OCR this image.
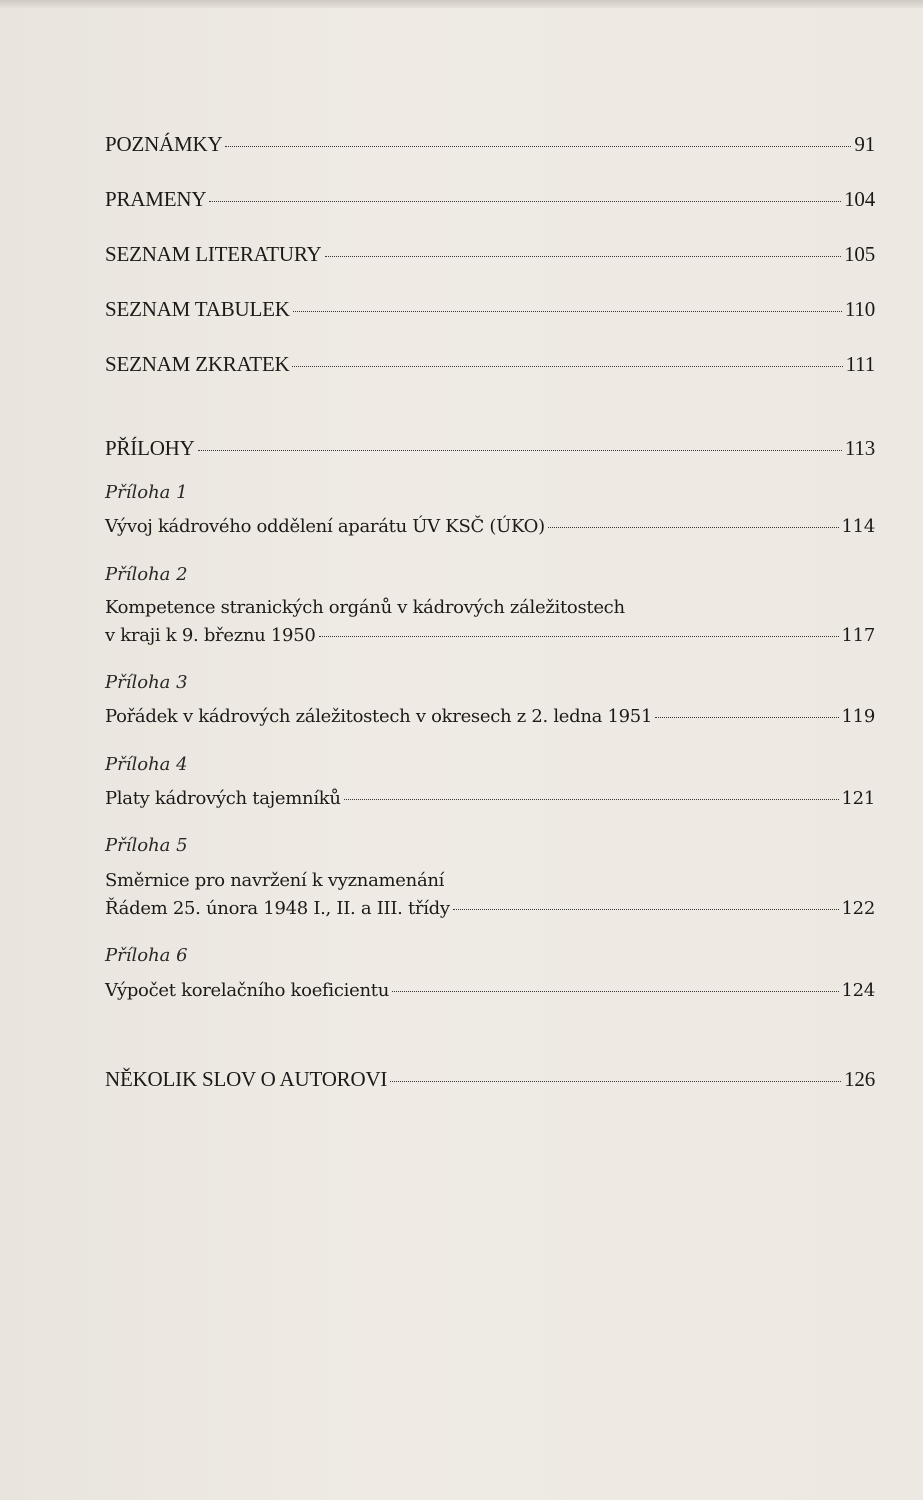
POZNÁMKY	91
PRAMENY	104
SEZNAM LITERATURY	105
SEZNAM TABULEK	110
SEZNAM ZKRATEK	111
PŘÍLOHY	113
Příloha 1
Vývoj kádrového oddělení aparátu ÚV KSČ (ÚKO)	114
Příloha 2
Kompetence stranických orgánů v kádrových záležitostech
v kraji k 9. březnu 1950	117
Příloha 3
Pořádek v kádrových záležitostech v okresech z 2. ledna 1951	119
Příloha 4
Platy kádrových tajemníků	121
Příloha 5
Směrnice pro navržení k vyznamenání
Řádem 25. února 1948 I., II. a III. třídy	122
Příloha 6
Výpočet korelačního koeficientu	124
NĚKOLIK SLOV O AUTOROVI	126
